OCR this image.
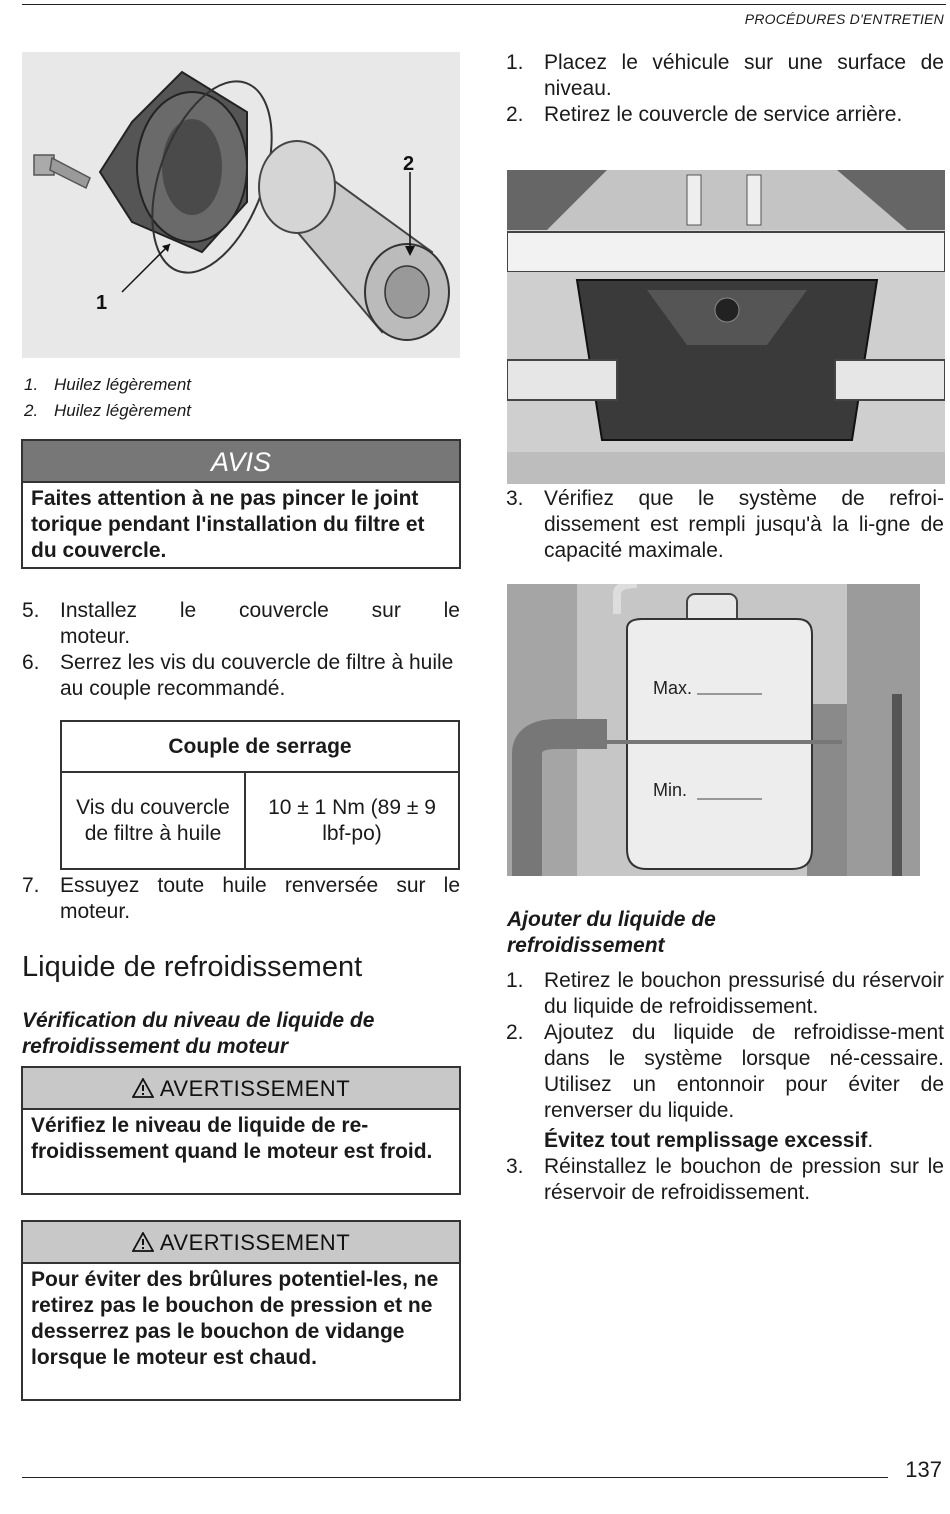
PROCÉDURES D'ENTRETIEN
1
2
1. Huilez légèrement
2. Huilez légèrement
AVIS
Faites attention à ne pas pincer le joint torique pendant l'installation du filtre et du couvercle.
5. Installez le couvercle sur le moteur.
6. Serrez les vis du couvercle de filtre à huile au couple recommandé.
Couple de serrage
Vis du couvercle de filtre à huile	10 ± 1 Nm (89 ± 9 lbf-po)
7. Essuyez toute huile renversée sur le moteur.
Liquide de refroidissement
Vérification du niveau de liquide de refroidissement du moteur
AVERTISSEMENT
Vérifiez le niveau de liquide de re-froidissement quand le moteur est froid.
AVERTISSEMENT
Pour éviter des brûlures potentiel-les, ne retirez pas le bouchon de pression et ne desserrez pas le bouchon de vidange lorsque le moteur est chaud.
1. Placez le véhicule sur une surface de niveau.
2. Retirez le couvercle de service arrière.
3. Vérifiez que le système de refroi-dissement est rempli jusqu'à la li-gne de capacité maximale.
Max.
Min.
Ajouter du liquide de refroidissement
1. Retirez le bouchon pressurisé du réservoir du liquide de refroidissement.
2. Ajoutez du liquide de refroidisse-ment dans le système lorsque né-cessaire. Utilisez un entonnoir pour éviter de renverser du liquide.
Évitez tout remplissage excessif.
3. Réinstallez le bouchon de pression sur le réservoir de refroidissement.
137
